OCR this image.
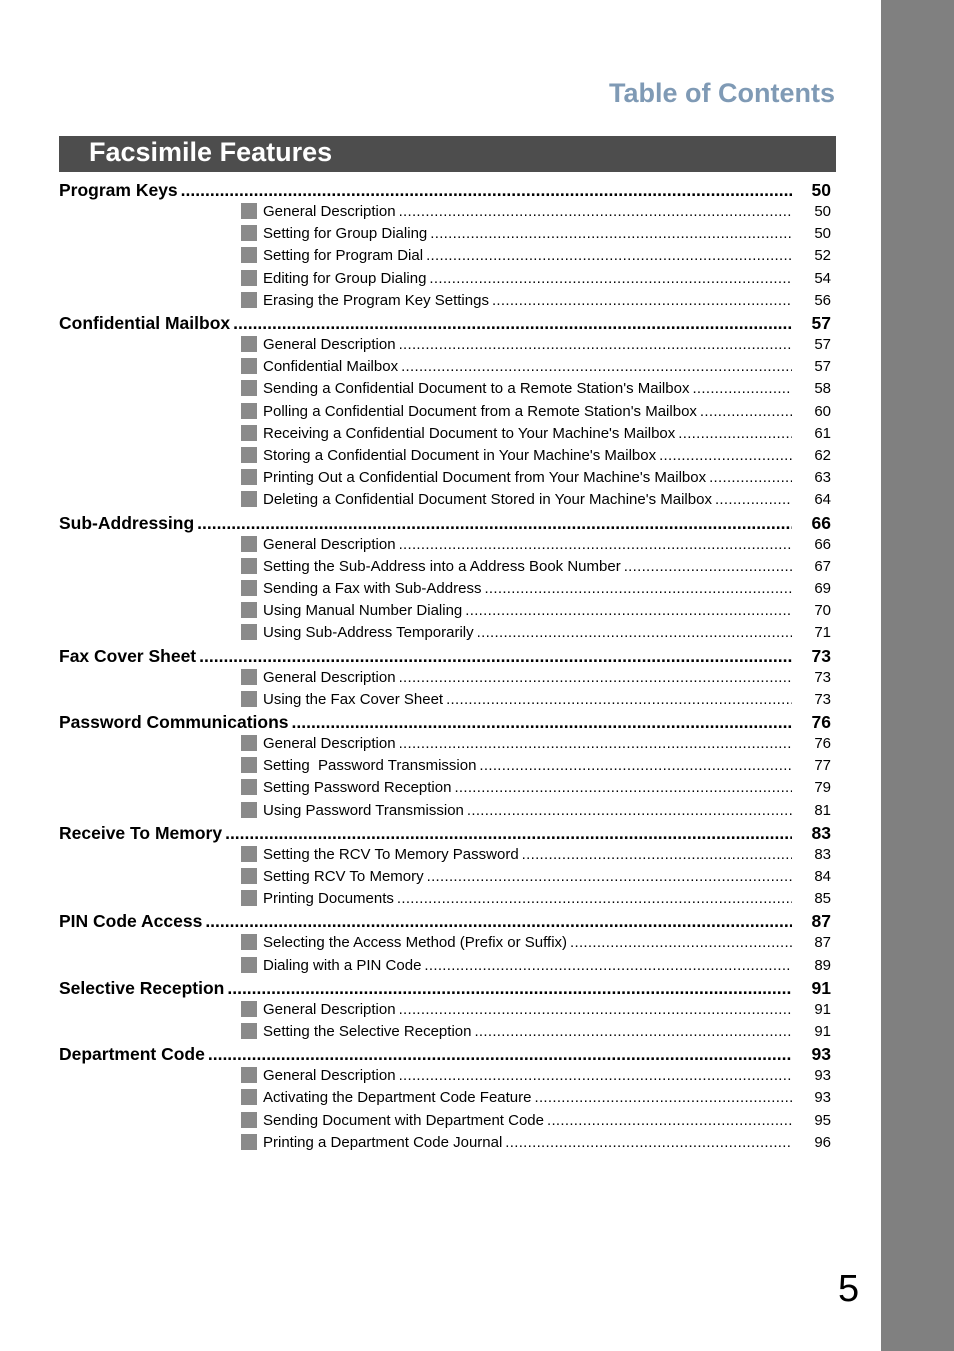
Table of Contents
Facsimile Features
Program Keys .....	50
General Description .....	50
Setting for Group Dialing .....	50
Setting for Program Dial .....	52
Editing for Group Dialing .....	54
Erasing the Program Key Settings .....	56
Confidential Mailbox .....	57
General Description .....	57
Confidential Mailbox .....	57
Sending a Confidential Document to a Remote Station's Mailbox .....	58
Polling a Confidential Document from a Remote Station's Mailbox .....	60
Receiving a Confidential Document to Your Machine's Mailbox .....	61
Storing a Confidential Document in Your Machine's Mailbox .....	62
Printing Out a Confidential Document from Your Machine's Mailbox .....	63
Deleting a Confidential Document Stored in Your Machine's Mailbox .....	64
Sub-Addressing .....	66
General Description .....	66
Setting the Sub-Address into a Address Book Number .....	67
Sending a Fax with Sub-Address .....	69
Using Manual Number Dialing .....	70
Using Sub-Address Temporarily .....	71
Fax Cover Sheet .....	73
General Description .....	73
Using the Fax Cover Sheet .....	73
Password Communications .....	76
General Description .....	76
Setting  Password Transmission .....	77
Setting Password Reception .....	79
Using Password Transmission .....	81
Receive To Memory .....	83
Setting the RCV To Memory Password .....	83
Setting RCV To Memory .....	84
Printing Documents .....	85
PIN Code Access .....	87
Selecting the Access Method (Prefix or Suffix) .....	87
Dialing with a PIN Code .....	89
Selective Reception .....	91
General Description .....	91
Setting the Selective Reception .....	91
Department Code .....	93
General Description .....	93
Activating the Department Code Feature .....	93
Sending Document with Department Code .....	95
Printing a Department Code Journal .....	96
5
